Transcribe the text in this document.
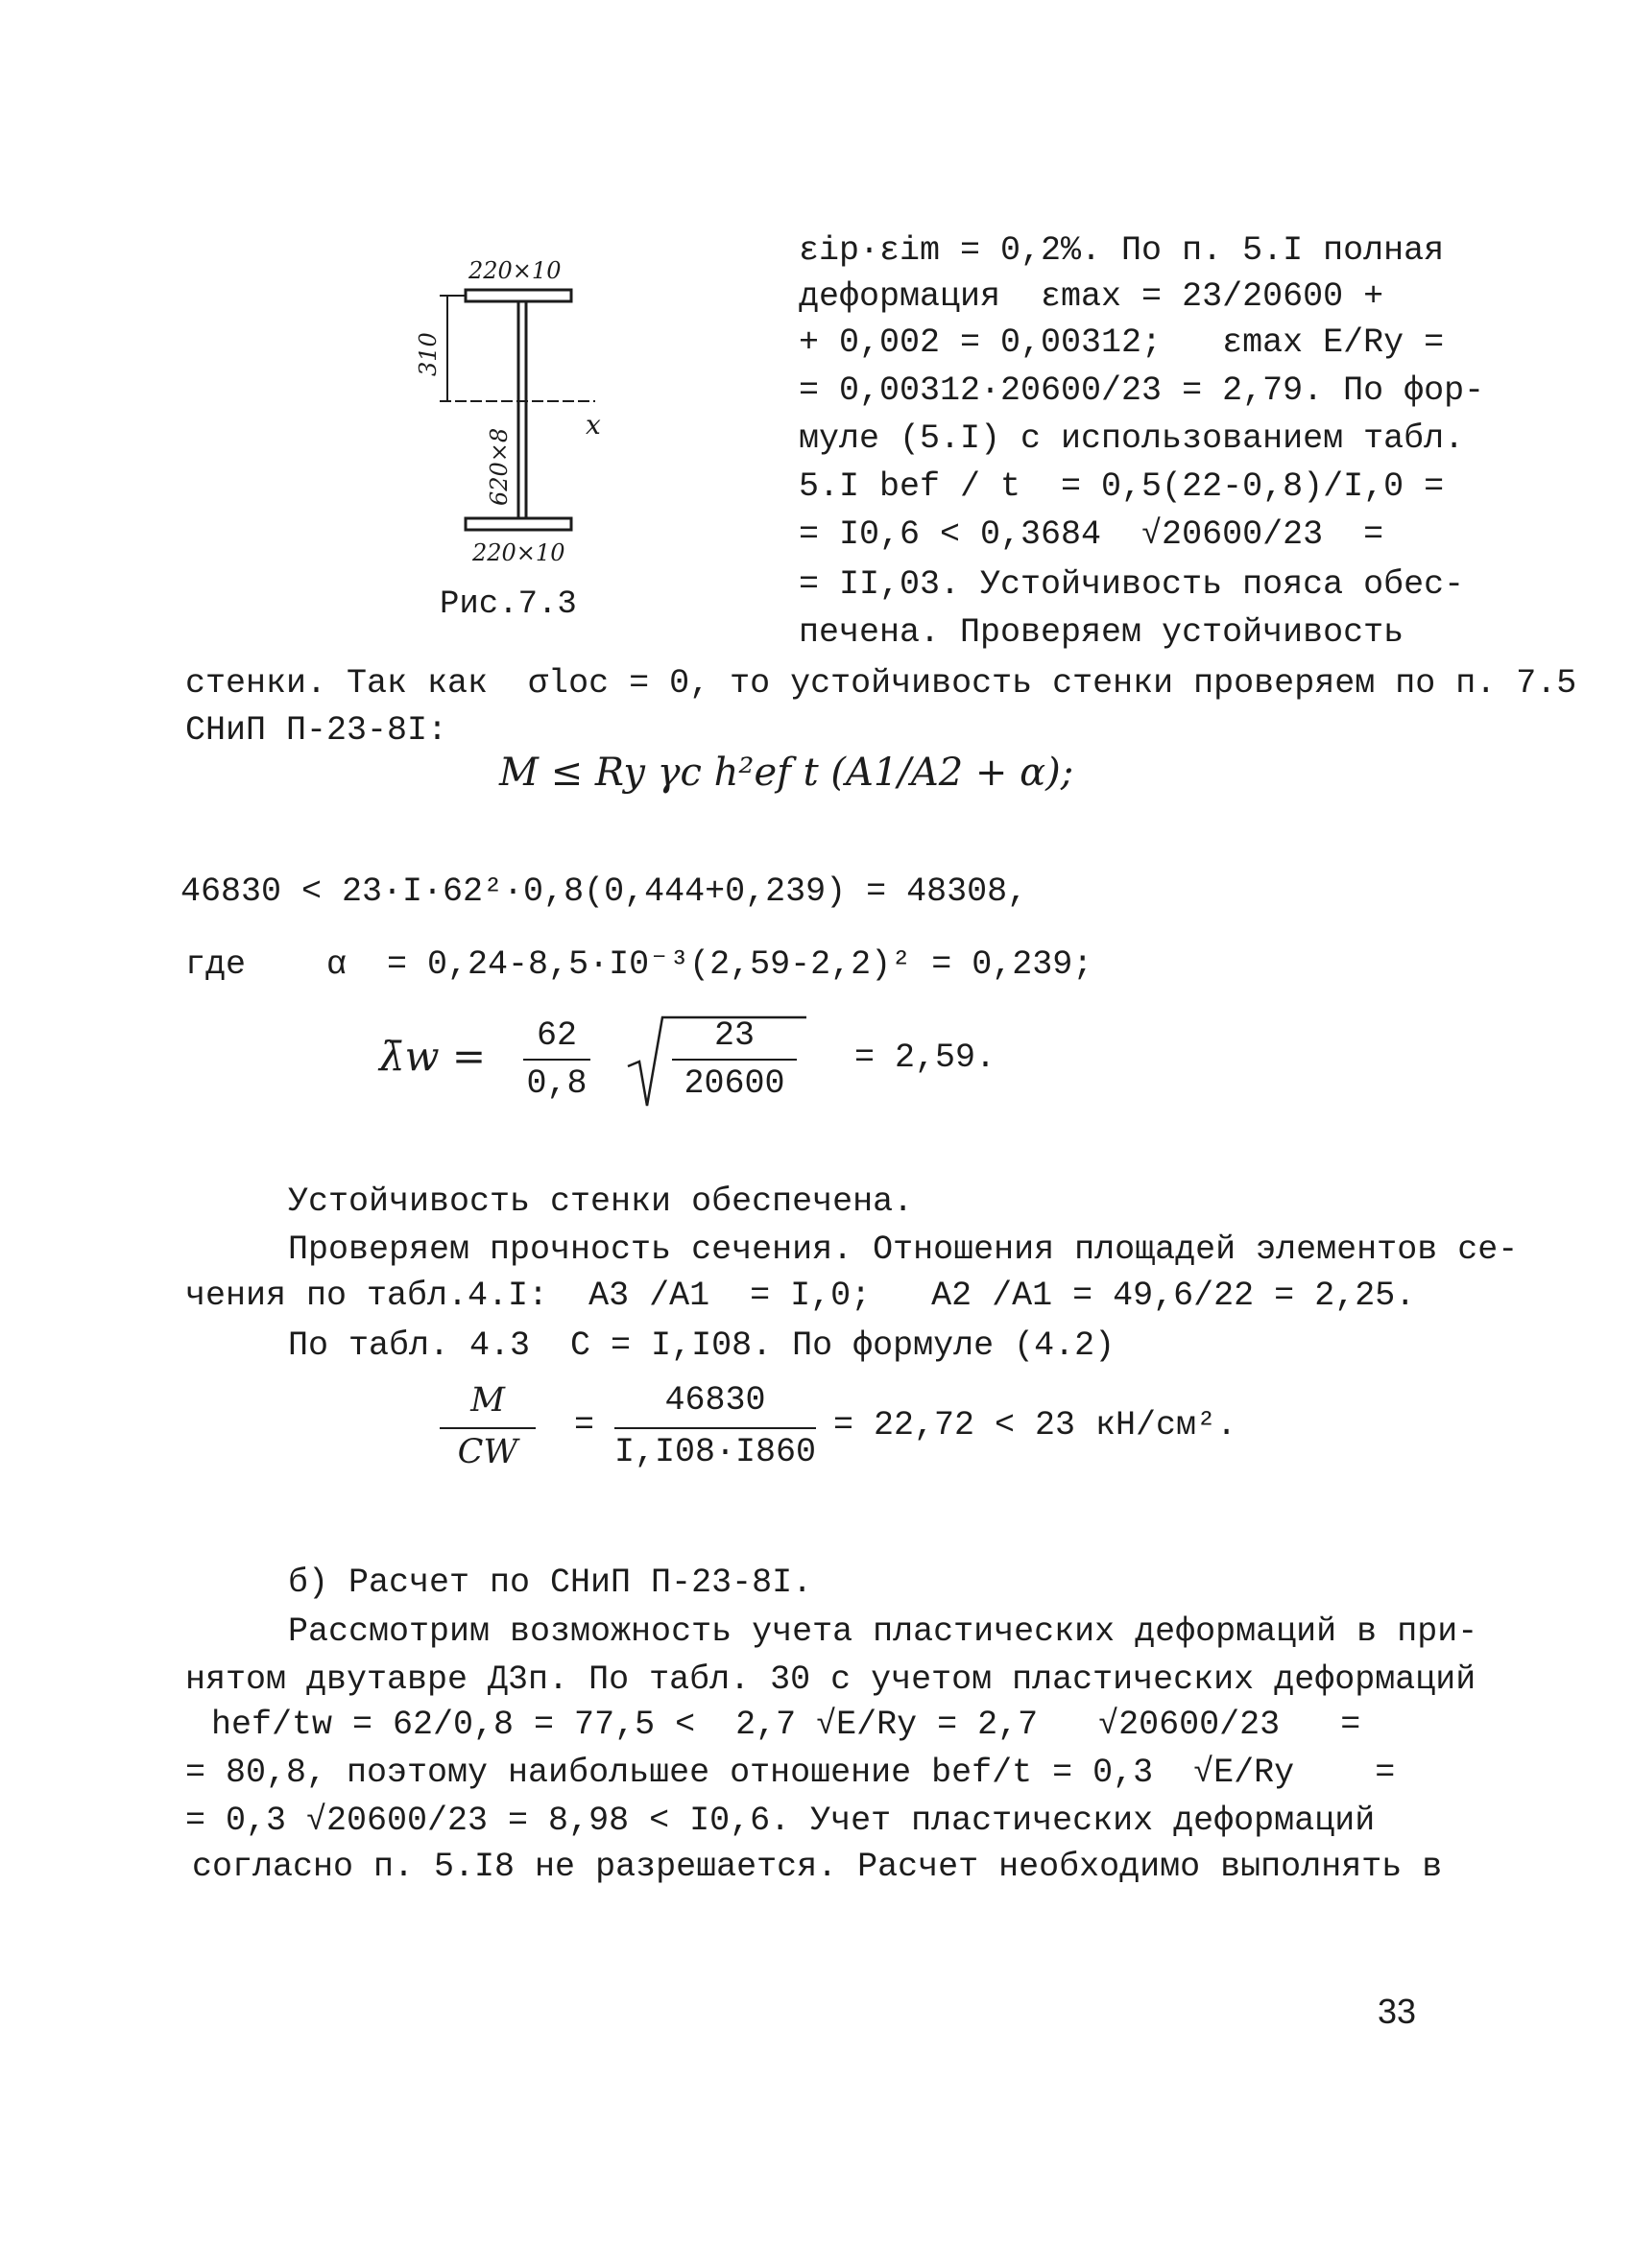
220×10
310
x
620×8
220×10
Рис.7.3
εip·εim = 0,2%. По п. 5.I полная
деформация  εmax = 23/20600 +
+ 0,002 = 0,00312;   εmax E/Ry =
= 0,00312·20600/23 = 2,79. По фор-
муле (5.I) с использованием табл.
5.I bef / t  = 0,5(22-0,8)/I,0 =
= I0,6 < 0,3684  √20600/23  =
= II,03. Устойчивость пояса обес-
печена. Проверяем устойчивость
стенки. Так как  σloc = 0, то устойчивость стенки проверяем по п. 7.5
СНиП П-23-8I:
M ≤ Ry γc h²ef t (A1/A2 + α);
46830 < 23·I·62²·0,8(0,444+0,239) = 48308,
где    α  = 0,24-8,5·I0⁻³(2,59-2,2)² = 0,239;
λ̄w =	62
0,8
23
20600
= 2,59.
Устойчивость стенки обеспечена.
Проверяем прочность сечения. Отношения площадей элементов се-
чения по табл.4.I:  A3 /A1  = I,0;   A2 /A1 = 49,6/22 = 2,25.
По табл. 4.3  C = I,I08. По формуле (4.2)
M
CW
=
46830
I,I08·I860
= 22,72 < 23 кН/см².
б) Расчет по СНиП П-23-8I.
Рассмотрим возможность учета пластических деформаций в при-
нятом двутавре Д3п. По табл. 30 с учетом пластических деформаций
hef/tw = 62/0,8 = 77,5 <  2,7 √E/Ry = 2,7   √20600/23   =
= 80,8, поэтому наибольшее отношение bef/t = 0,3  √E/Ry    =
= 0,3 √20600/23 = 8,98 < I0,6. Учет пластических деформаций
согласно п. 5.I8 не разрешается. Расчет необходимо выполнять в
33
